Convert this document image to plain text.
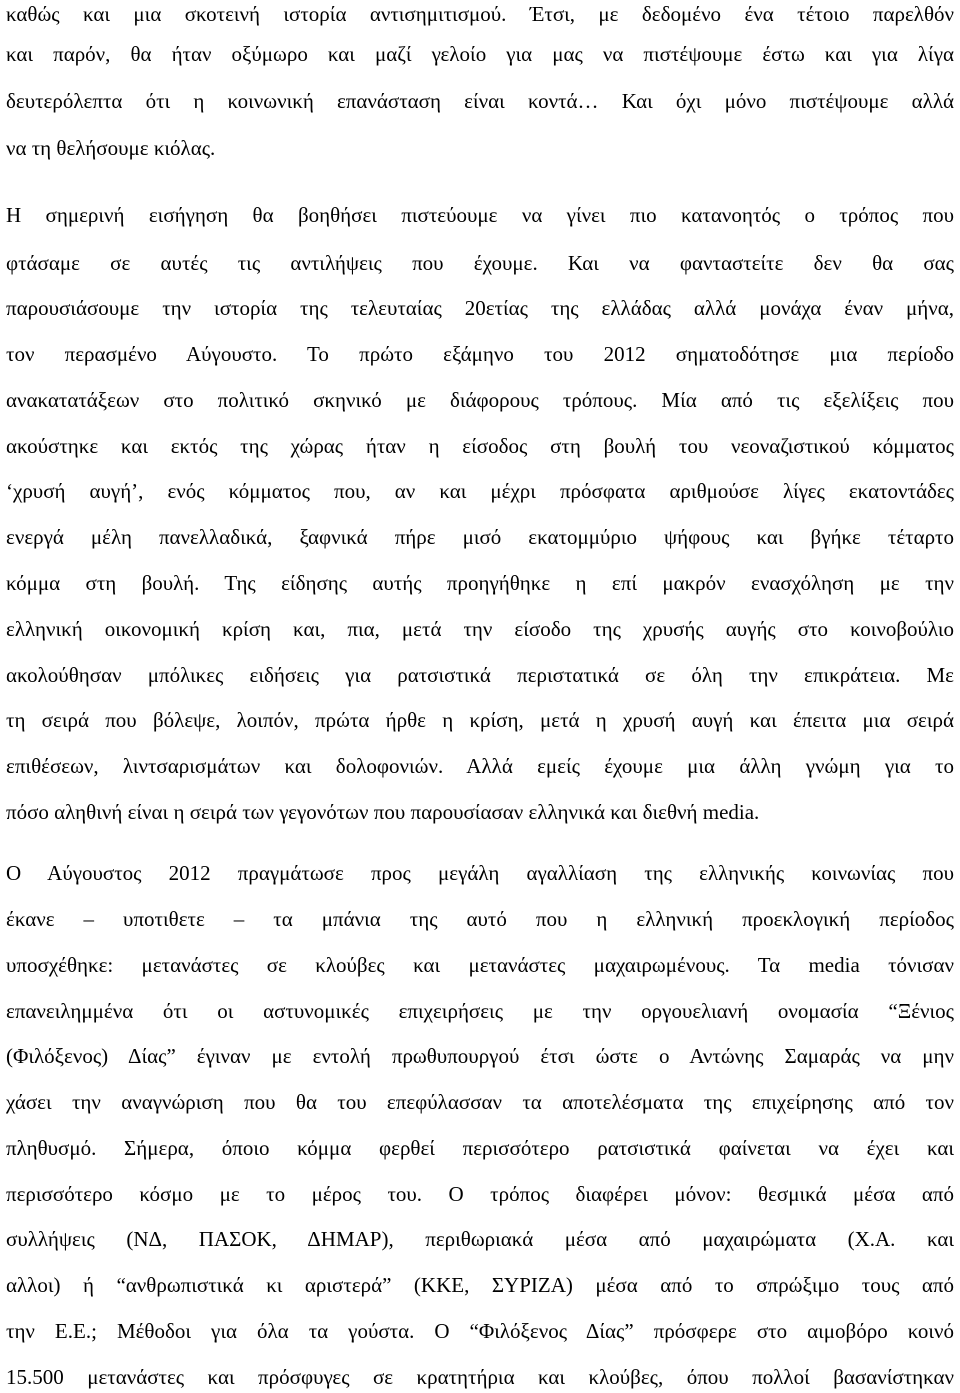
καθώς και μια σκοτεινή ιστορία αντισημιτισμού. Έτσι, με δεδομένο ένα τέτοιο παρελθόν
και παρόν, θα ήταν οξύμωρο και μαζί γελοίο για μας να πιστέψουμε έστω και για λίγα
δευτερόλεπτα ότι η κοινωνική επανάσταση είναι κοντά… Και όχι μόνο πιστέψουμε αλλά
να τη θελήσουμε κιόλας.
Η σημερινή εισήγηση θα βοηθήσει πιστεύουμε να γίνει πιο κατανοητός ο τρόπος που
φτάσαμε σε αυτές τις αντιλήψεις που έχουμε. Και να φανταστείτε δεν θα σας
παρουσιάσουμε την ιστορία της τελευταίας 20ετίας της ελλάδας αλλά μονάχα έναν μήνα,
τον περασμένο Αύγουστο. Το πρώτο εξάμηνο του 2012 σηματοδότησε μια περίοδο
ανακατατάξεων στο πολιτικό σκηνικό με διάφορους τρόπους. Μία από τις εξελίξεις που
ακούστηκε και εκτός της χώρας ήταν η είσοδος στη βουλή του νεοναζιστικού κόμματος
‘χρυσή αυγή’, ενός κόμματος που, αν και μέχρι πρόσφατα αριθμούσε λίγες εκατοντάδες
ενεργά μέλη πανελλαδικά, ξαφνικά πήρε μισό εκατομμύριο ψήφους και βγήκε τέταρτο
κόμμα στη βουλή. Της είδησης αυτής προηγήθηκε η επί μακρόν ενασχόληση με την
ελληνική οικονομική κρίση και, πια, μετά την είσοδο της χρυσής αυγής στο κοινοβούλιο
ακολούθησαν μπόλικες ειδήσεις για ρατσιστικά περιστατικά σε όλη την επικράτεια. Με
τη σειρά που βόλεψε, λοιπόν, πρώτα ήρθε η κρίση, μετά η χρυσή αυγή και έπειτα μια σειρά
επιθέσεων, λιντσαρισμάτων και δολοφονιών. Αλλά εμείς έχουμε μια άλλη γνώμη για το
πόσο αληθινή είναι η σειρά των γεγονότων που παρουσίασαν ελληνικά και διεθνή media.
Ο Αύγουστος 2012 πραγμάτωσε προς μεγάλη αγαλλίαση της ελληνικής κοινωνίας που
έκανε – υποτιθετε – τα μπάνια της αυτό που η ελληνική προεκλογική περίοδος
υποσχέθηκε: μετανάστες σε κλούβες και μετανάστες μαχαιρωμένους. Τα media τόνισαν
επανειλημμένα ότι οι αστυνομικές επιχειρήσεις με την οργουελιανή ονομασία “Ξένιος
(Φιλόξενος) Δίας” έγιναν με εντολή πρωθυπουργού έτσι ώστε ο Αντώνης Σαμαράς να μην
χάσει την αναγνώριση που θα του επεφύλασσαν τα αποτελέσματα της επιχείρησης από τον
πληθυσμό. Σήμερα, όποιο κόμμα φερθεί περισσότερο ρατσιστικά φαίνεται να έχει και
περισσότερο κόσμο με το μέρος του. Ο τρόπος διαφέρει μόνον: θεσμικά μέσα από
συλλήψεις (ΝΔ, ΠΑΣΟΚ, ΔΗΜΑΡ), περιθωριακά μέσα από μαχαιρώματα (Χ.Α. και
αλλοι) ή “ανθρωπιστικά κι αριστερά” (ΚΚΕ, ΣΥΡΙΖΑ) μέσα από το σπρώξιμο τους από
την Ε.Ε.; Μέθοδοι για όλα τα γούστα. Ο “Φιλόξενος Δίας” πρόσφερε στο αιμοβόρο κοινό
15.500 μετανάστες και πρόσφυγες σε κρατητήρια και κλούβες, όπου πολλοί βασανίστηκαν
